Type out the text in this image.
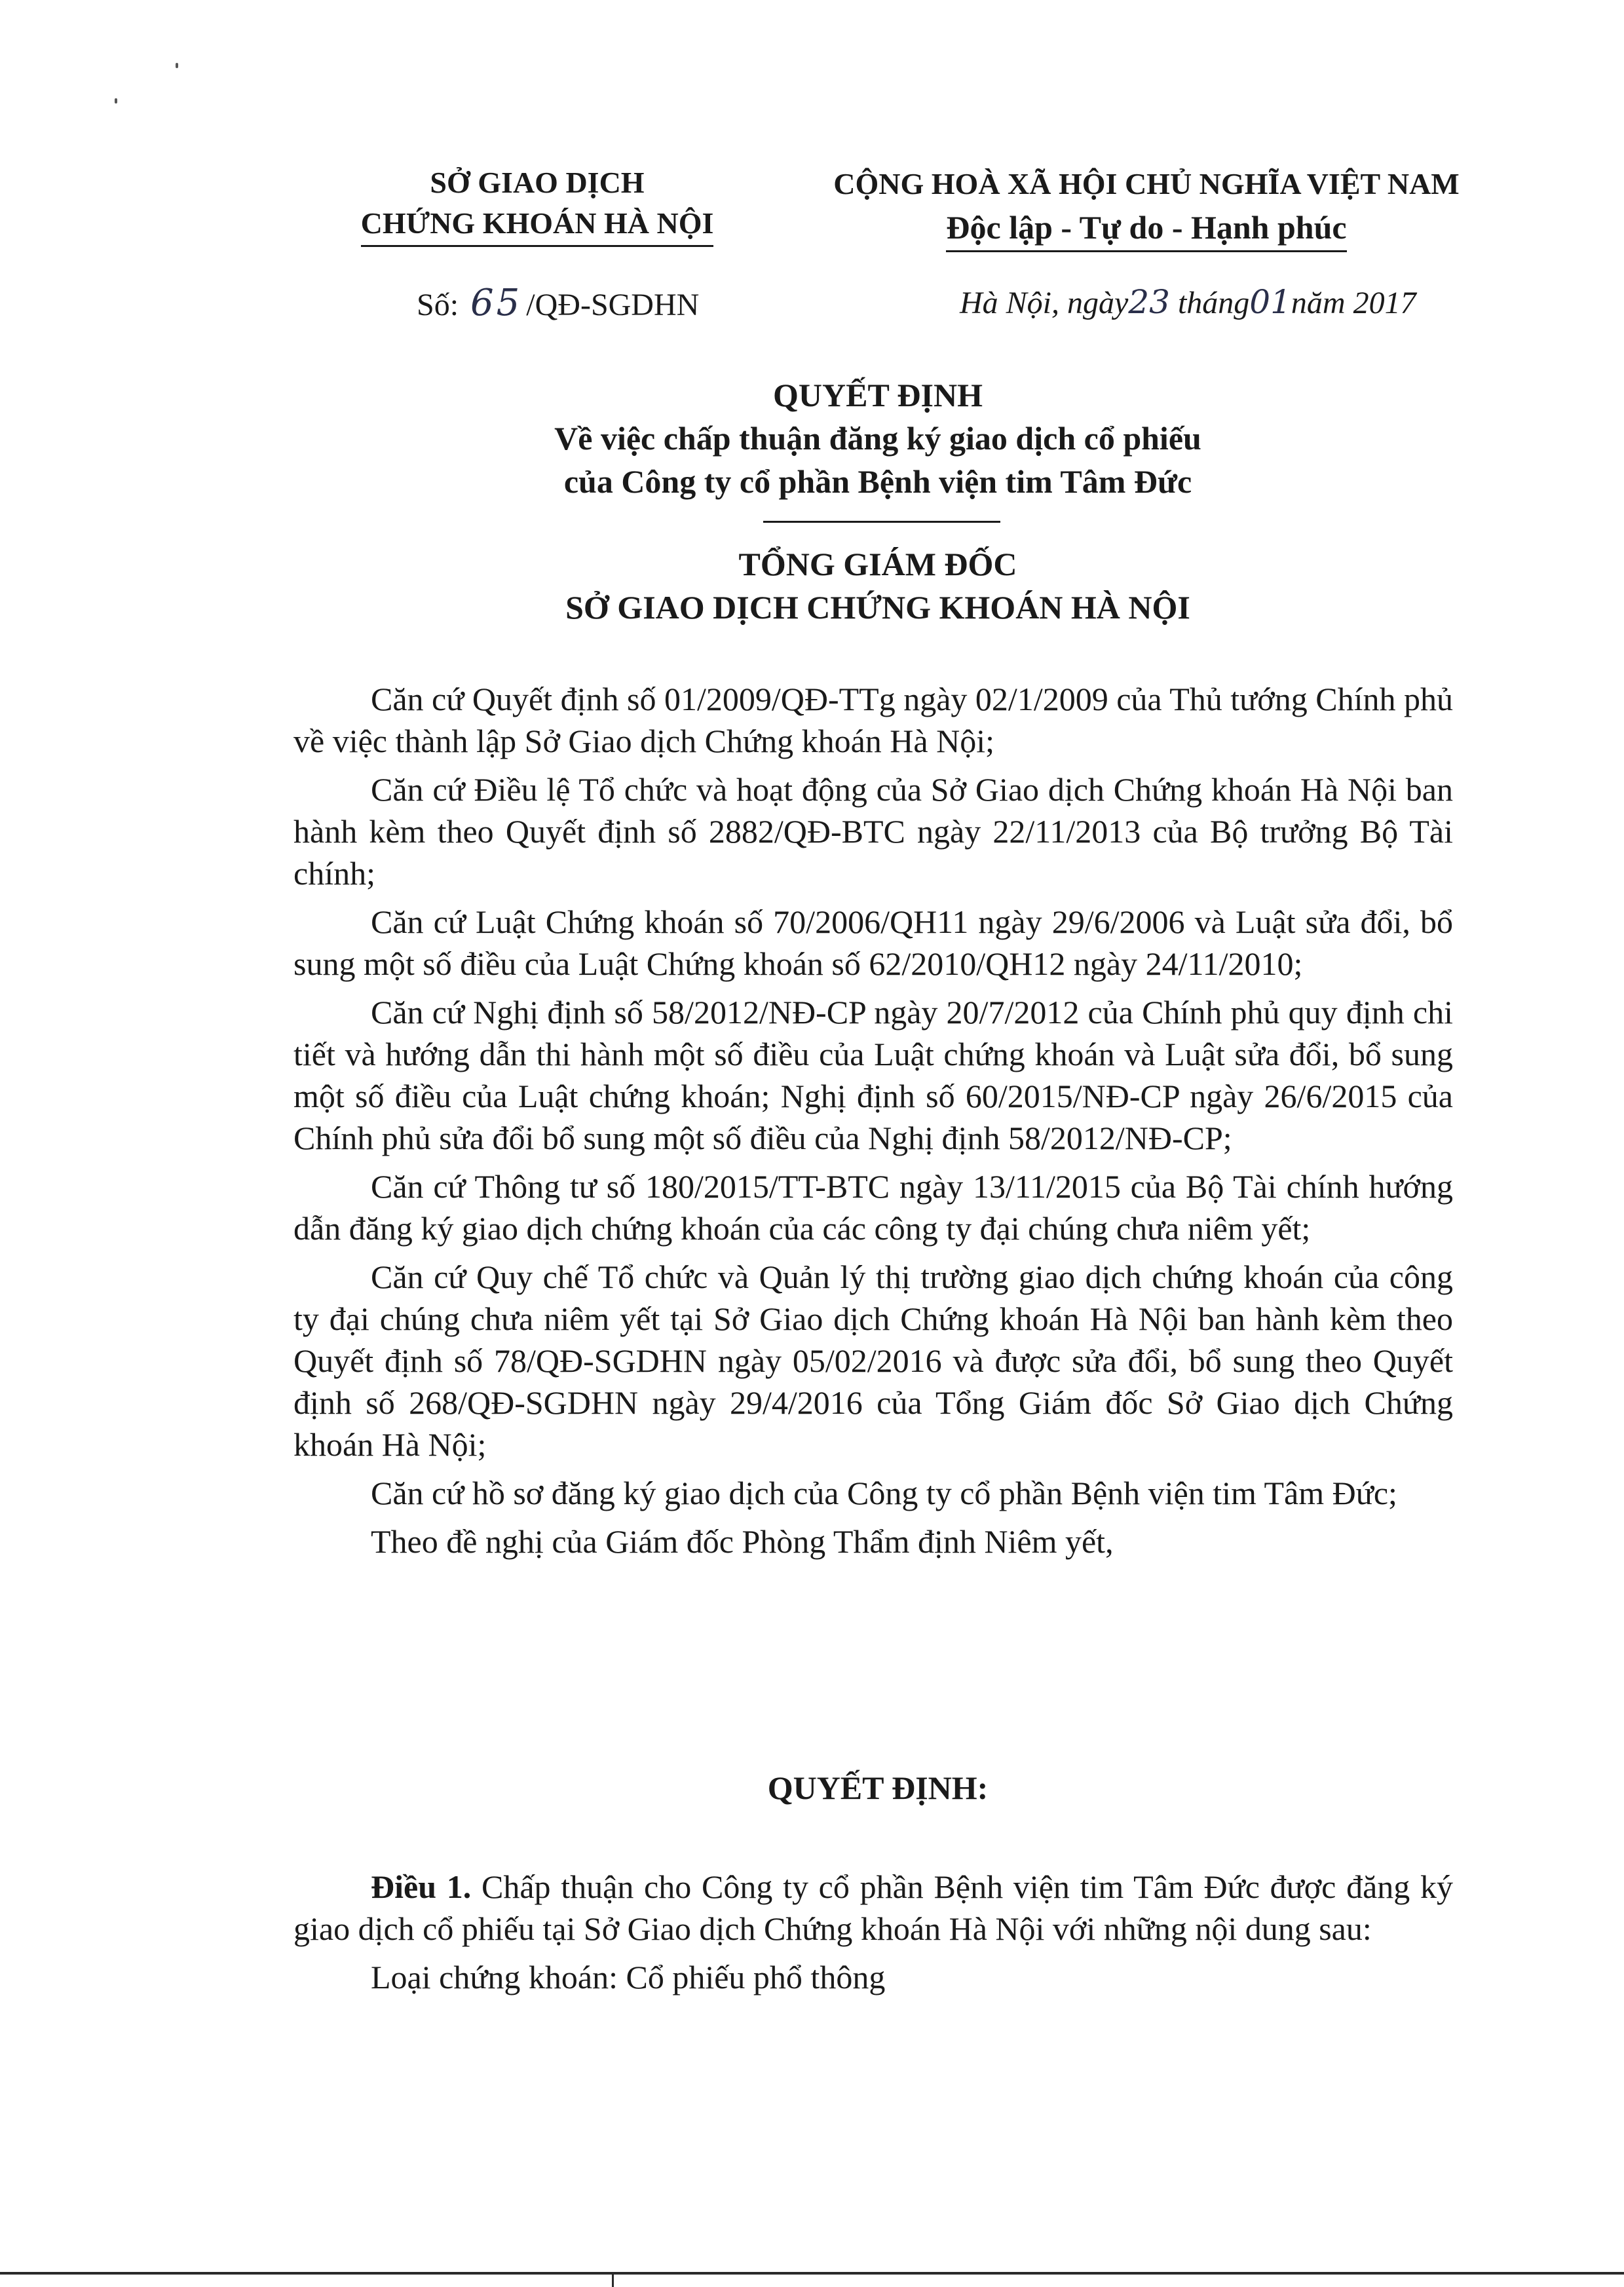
SỞ GIAO DỊCH
CHỨNG KHOÁN HÀ NỘI
CỘNG HOÀ XÃ HỘI CHỦ NGHĨA VIỆT NAM
Độc lập - Tự do - Hạnh phúc
Số: 65 /QĐ-SGDHN	Hà Nội, ngày23 tháng01năm 2017
QUYẾT ĐỊNH
Về việc chấp thuận đăng ký giao dịch cổ phiếu
của Công ty cổ phần Bệnh viện tim Tâm Đức
TỔNG GIÁM ĐỐC
SỞ GIAO DỊCH CHỨNG KHOÁN HÀ NỘI

Căn cứ Quyết định số 01/2009/QĐ-TTg ngày 02/1/2009 của Thủ tướng Chính phủ về việc thành lập Sở Giao dịch Chứng khoán Hà Nội;

Căn cứ Điều lệ Tổ chức và hoạt động của Sở Giao dịch Chứng khoán Hà Nội ban hành kèm theo Quyết định số 2882/QĐ-BTC ngày 22/11/2013 của Bộ trưởng Bộ Tài chính;

Căn cứ Luật Chứng khoán số 70/2006/QH11 ngày 29/6/2006 và Luật sửa đổi, bổ sung một số điều của Luật Chứng khoán số 62/2010/QH12 ngày 24/11/2010;

Căn cứ Nghị định số 58/2012/NĐ-CP ngày 20/7/2012 của Chính phủ quy định chi tiết và hướng dẫn thi hành một số điều của Luật chứng khoán và Luật sửa đổi, bổ sung một số điều của Luật chứng khoán; Nghị định số 60/2015/NĐ-CP ngày 26/6/2015 của Chính phủ sửa đổi bổ sung một số điều của Nghị định 58/2012/NĐ-CP;

Căn cứ Thông tư số 180/2015/TT-BTC ngày 13/11/2015 của Bộ Tài chính hướng dẫn đăng ký giao dịch chứng khoán của các công ty đại chúng chưa niêm yết;

Căn cứ Quy chế Tổ chức và Quản lý thị trường giao dịch chứng khoán của công ty đại chúng chưa niêm yết tại Sở Giao dịch Chứng khoán Hà Nội ban hành kèm theo Quyết định số 78/QĐ-SGDHN ngày 05/02/2016 và được sửa đổi, bổ sung theo Quyết định số 268/QĐ-SGDHN ngày 29/4/2016 của Tổng Giám đốc Sở Giao dịch Chứng khoán Hà Nội;

Căn cứ hồ sơ đăng ký giao dịch của Công ty cổ phần Bệnh viện tim Tâm Đức;

Theo đề nghị của Giám đốc Phòng Thẩm định Niêm yết,

QUYẾT ĐỊNH:

Điều 1. Chấp thuận cho Công ty cổ phần Bệnh viện tim Tâm Đức được đăng ký giao dịch cổ phiếu tại Sở Giao dịch Chứng khoán Hà Nội với những nội dung sau:

Loại chứng khoán: Cổ phiếu phổ thông
